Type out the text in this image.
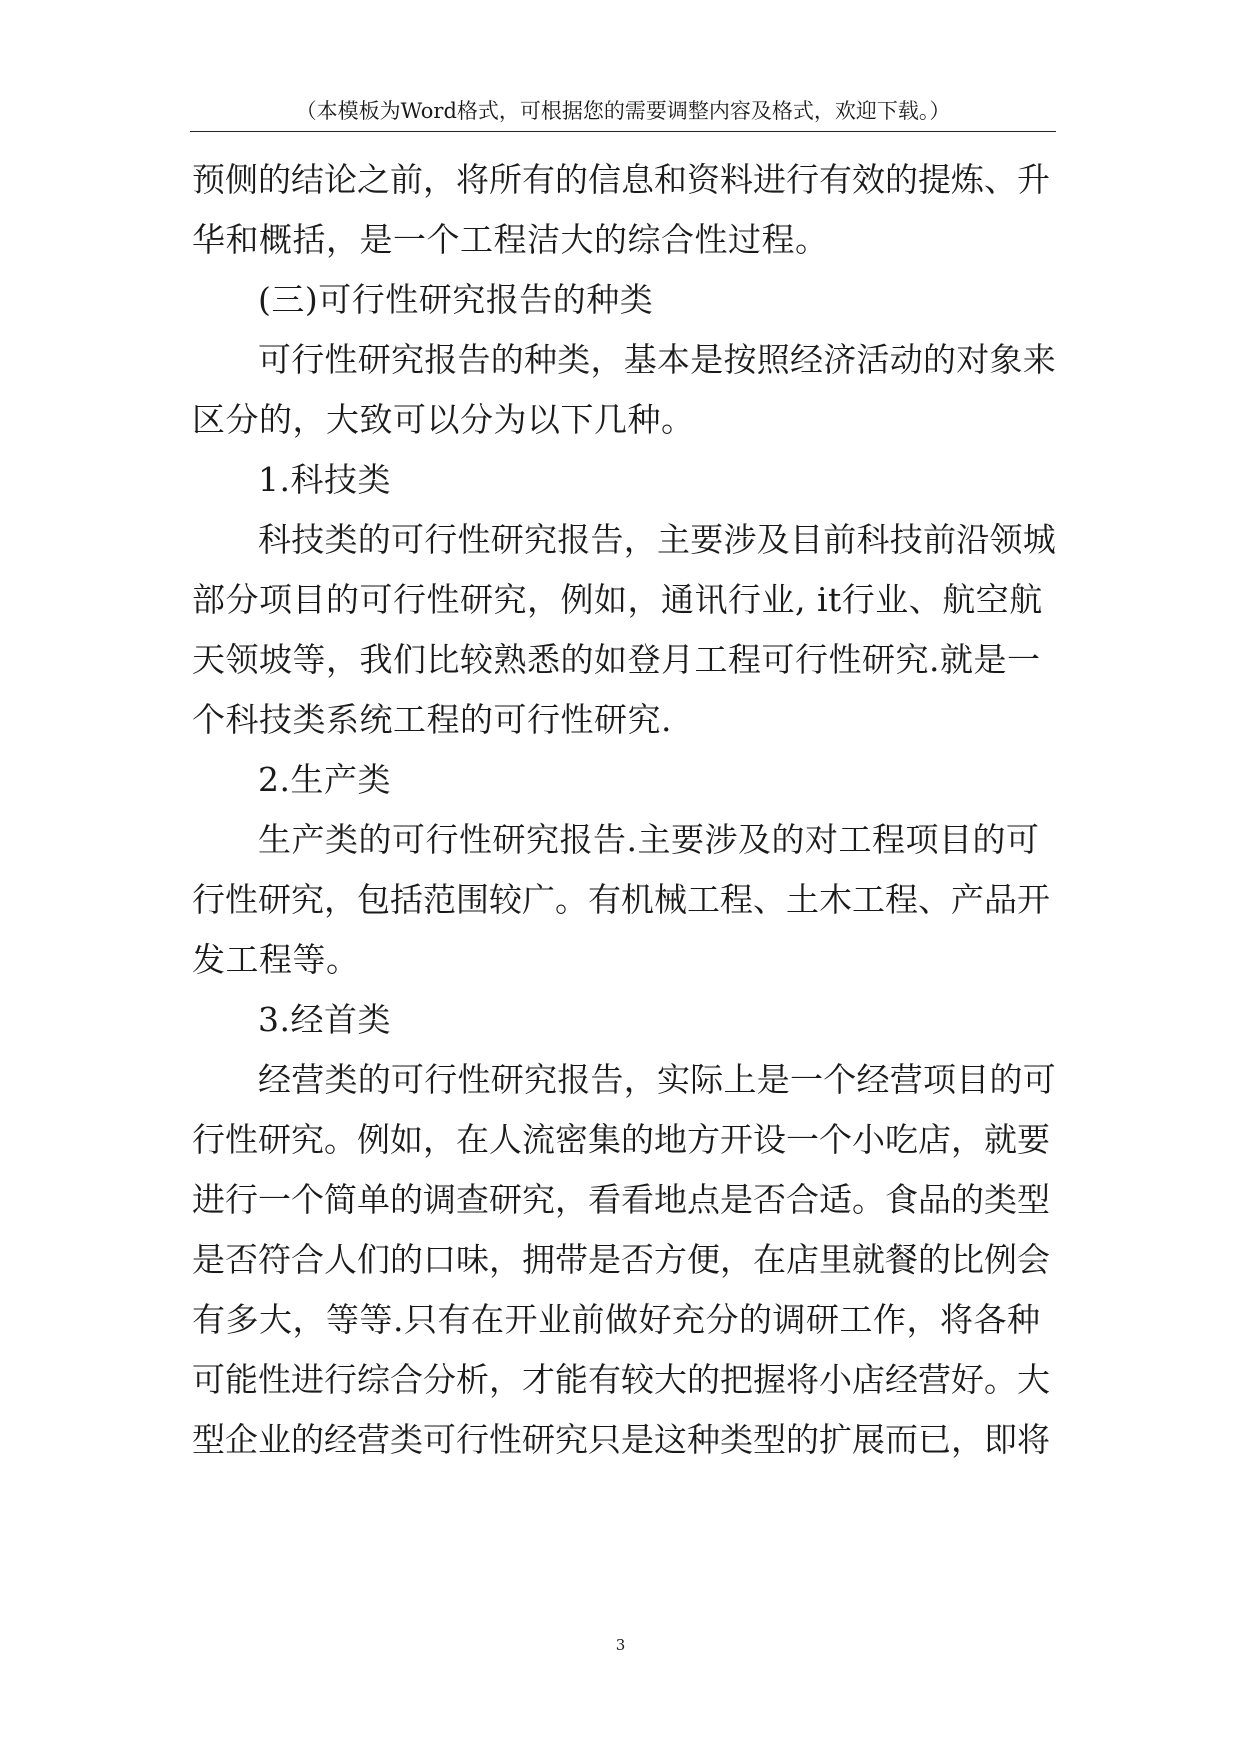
（本模板为Word格式，可根据您的需要调整内容及格式，欢迎下载。）
预侧的结论之前，将所有的信息和资料进行有效的提炼、升
华和概括，是一个工程洁大的综合性过程。
(三)可行性研究报告的种类
可行性研究报告的种类，基本是按照经济活动的对象来
区分的，大致可以分为以下几种。
1.科技类
科技类的可行性研究报告，主要涉及目前科技前沿领城
部分项目的可行性研究，例如，通讯行业, it行业、航空航
天领坡等，我们比较熟悉的如登月工程可行性研究.就是一
个科技类系统工程的可行性研究.
2.生产类
生产类的可行性研究报告.主要涉及的对工程项目的可
行性研究，包括范围较广。有机械工程、土木工程、产品开
发工程等。
3.经首类
经营类的可行性研究报告，实际上是一个经营项目的可
行性研究。例如，在人流密集的地方开设一个小吃店，就要
进行一个简单的调查研究，看看地点是否合适。食品的类型
是否符合人们的口味，拥带是否方便，在店里就餐的比例会
有多大，等等.只有在开业前做好充分的调研工作，将各种
可能性进行综合分析，才能有较大的把握将小店经营好。大
型企业的经营类可行性研究只是这种类型的扩展而已，即将
3
